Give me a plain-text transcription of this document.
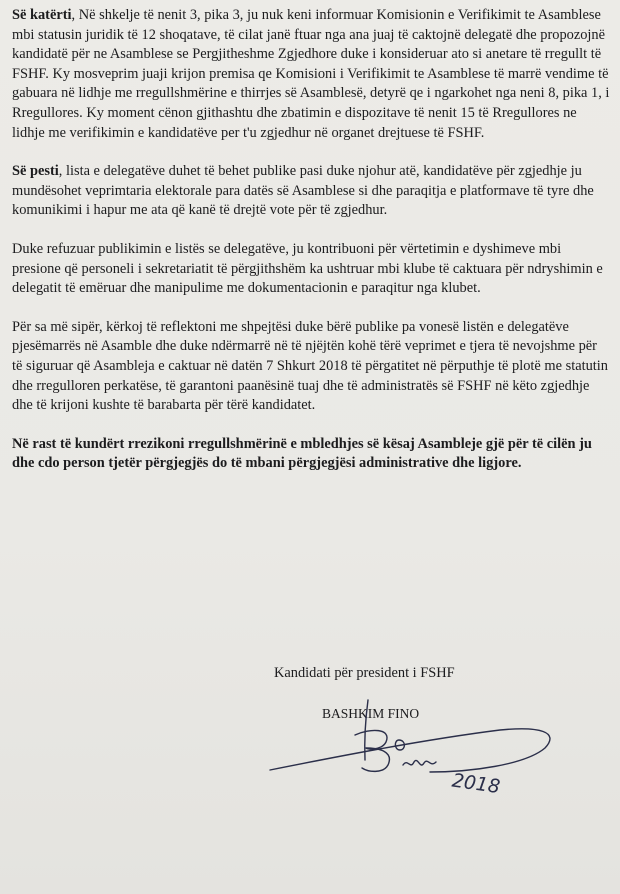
Së katërti, Në shkelje të nenit 3, pika 3, ju nuk keni informuar Komisionin e Verifikimit te Asamblese mbi statusin juridik të 12 shoqatave, të cilat janë ftuar nga ana juaj të caktojnë delegatë dhe propozojnë kandidatë për ne Asamblese se Pergjitheshme Zgjedhore duke i konsideruar ato si anetare të rregullt të FSHF. Ky mosveprim juaji krijon premisa qe Komisioni i Verifikimit te Asamblese të marrë vendime të gabuara në lidhje me rregullshmërine e thirrjes së Asamblesë, detyrë qe i ngarkohet nga neni 8, pika 1, i Rregullores. Ky moment cënon gjithashtu dhe zbatimin e dispozitave të nenit 15 të Rregullores ne lidhje me verifikimin e kandidatëve per t'u zgjedhur në organet drejtuese të FSHF.

Së pesti, lista e delegatëve duhet të behet publike pasi duke njohur atë, kandidatëve për zgjedhje ju mundësohet veprimtaria elektorale para datës së Asamblese si dhe paraqitja e platformave të tyre dhe komunikimi i hapur me ata që kanë të drejtë vote për të zgjedhur.

Duke refuzuar publikimin e listës se delegatëve, ju kontribuoni për vërtetimin e dyshimeve mbi presione që personeli i sekretariatit të përgjithshëm ka ushtruar mbi klube të caktuara për ndryshimin e delegatit të emëruar dhe manipulime me dokumentacionin e paraqitur nga klubet.

Për sa më sipër, kërkoj të reflektoni me shpejtësi duke bërë publike pa vonesë listën e delegatëve pjesëmarrës në Asamble dhe duke ndërmarrë në të njëjtën kohë tërë veprimet e tjera të nevojshme për të siguruar që Asambleja e caktuar në datën 7 Shkurt 2018 të përgatitet në përputhje të plotë me statutin dhe rregulloren perkatëse, të garantoni paanësinë tuaj dhe të administratës së FSHF në këto zgjedhje dhe të krijoni kushte të barabarta për tërë kandidatet.

Në rast të kundërt rrezikoni rregullshmërinë e mbledhjes së kësaj Asambleje gjë për të cilën ju dhe cdo person tjetër përgjegjës do të mbani përgjegjësi administrative dhe ligjore.

Kandidati për president i FSHF
BASHKIM FINO
2018
